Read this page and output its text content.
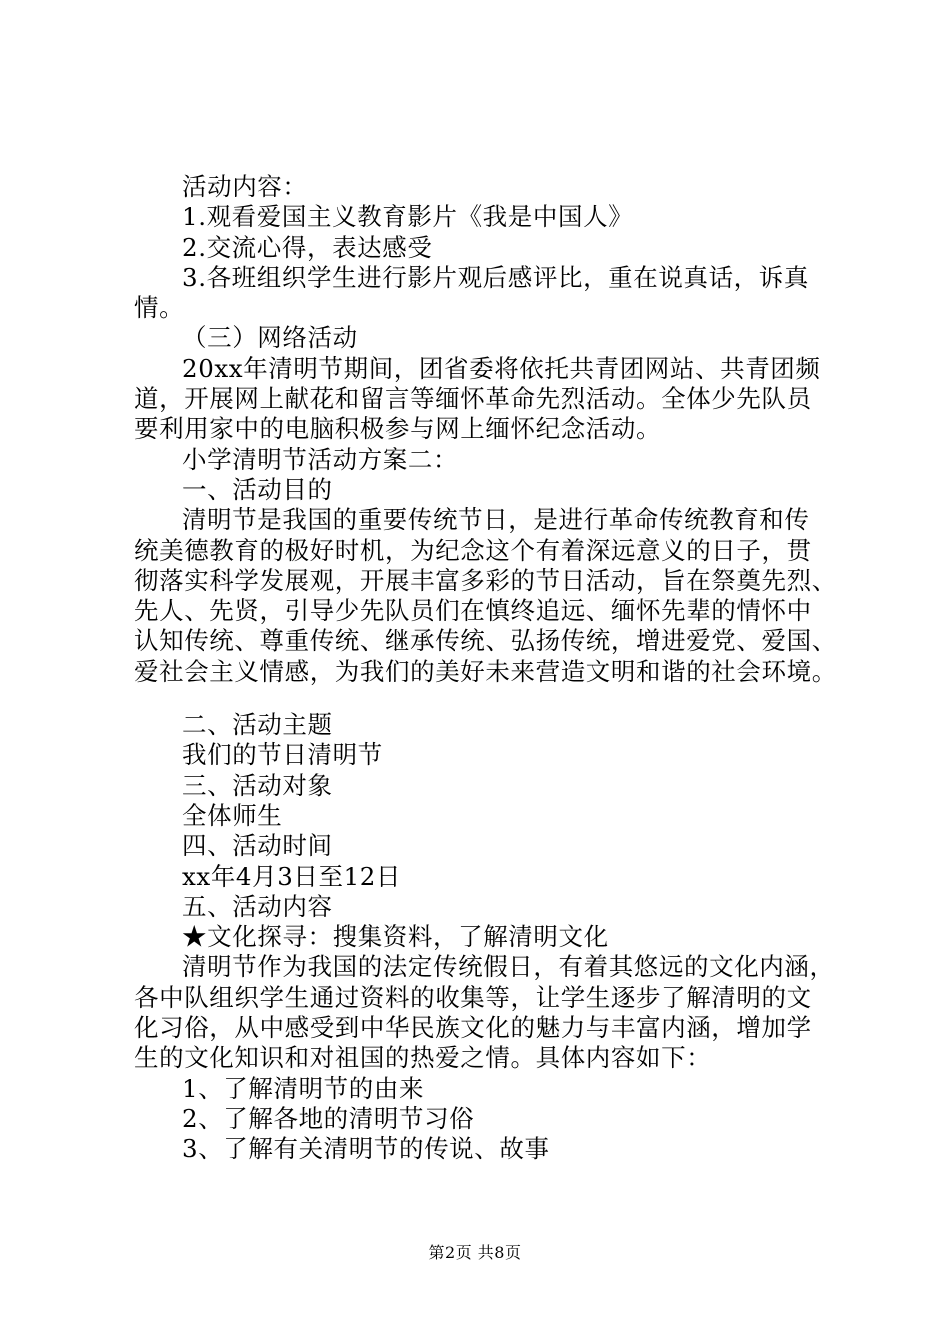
活动内容：

1.观看爱国主义教育影片《我是中国人》

2.交流心得，表达感受

3.各班组织学生进行影片观后感评比，重在说真话，诉真

情。

（三）网络活动

20xx年清明节期间，团省委将依托共青团网站、共青团频

道，开展网上献花和留言等缅怀革命先烈活动。全体少先队员

要利用家中的电脑积极参与网上缅怀纪念活动。

小学清明节活动方案二：

一、活动目的

清明节是我国的重要传统节日，是进行革命传统教育和传

统美德教育的极好时机，为纪念这个有着深远意义的日子，贯

彻落实科学发展观，开展丰富多彩的节日活动，旨在祭奠先烈、

先人、先贤，引导少先队员们在慎终追远、缅怀先辈的情怀中

认知传统、尊重传统、继承传统、弘扬传统，增进爱党、爱国、

爱社会主义情感，为我们的美好未来营造文明和谐的社会环境。

二、活动主题

我们的节日清明节

三、活动对象

全体师生

四、活动时间

xx年4月3日至12日

五、活动内容

★文化探寻：搜集资料，了解清明文化

清明节作为我国的法定传统假日，有着其悠远的文化内涵，

各中队组织学生通过资料的收集等，让学生逐步了解清明的文

化习俗，从中感受到中华民族文化的魅力与丰富内涵，增加学

生的文化知识和对祖国的热爱之情。具体内容如下：

1、了解清明节的由来

2、了解各地的清明节习俗

3、了解有关清明节的传说、故事

第2页 共8页
